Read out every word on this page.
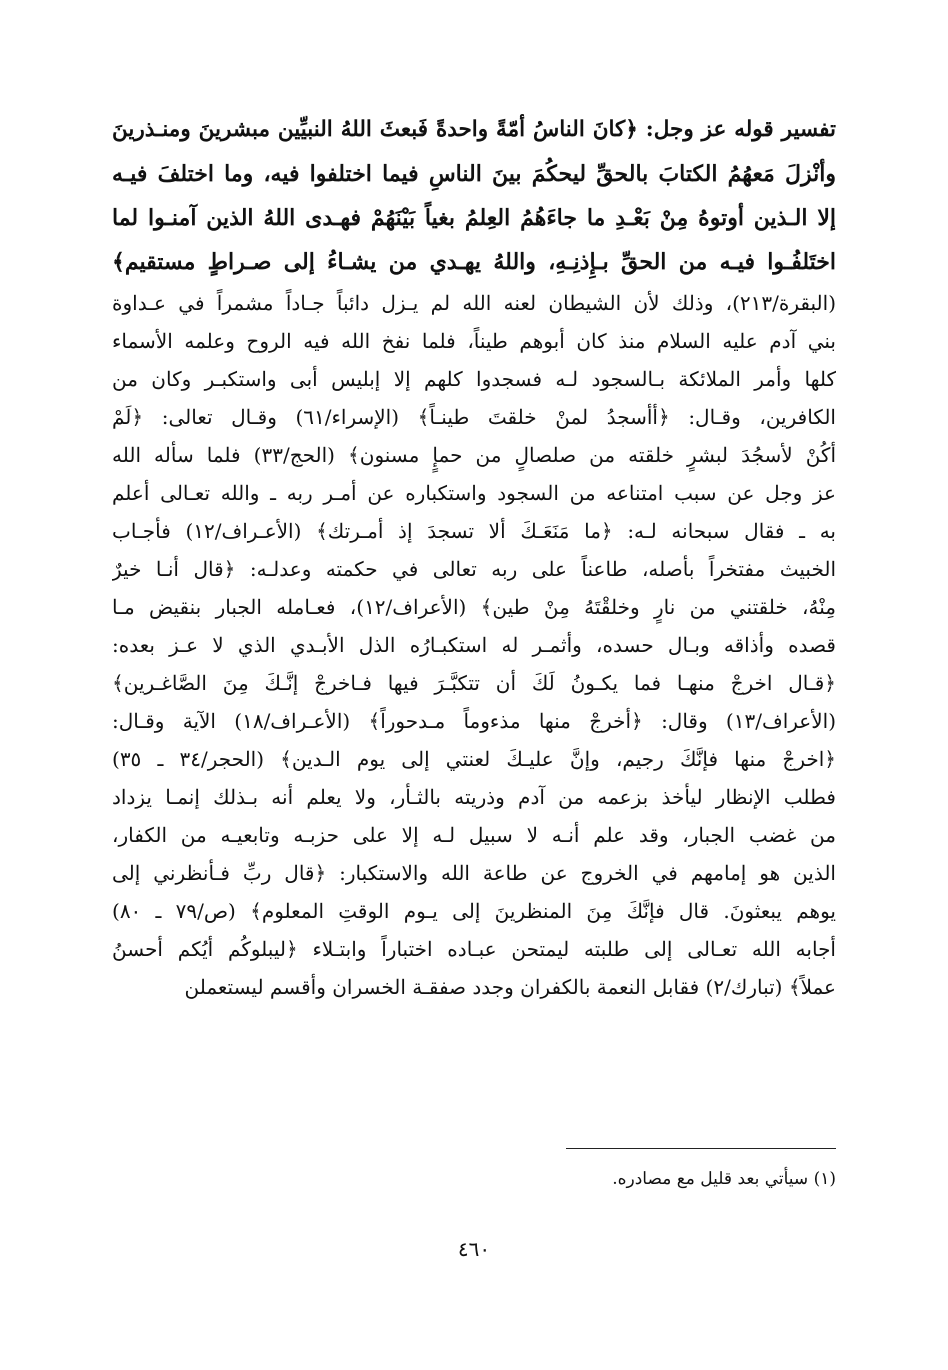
تفسير قوله عز وجل: ﴿كانَ الناسُ أمّةً واحدةً فَبعثَ اللهُ النبيِّين مبشرينَ ومنـذرينَ
وأنْزلَ مَعهُمُ الكتابَ بالحقِّ ليحكُمَ بينَ الناسِ فيما اختلفوا فيه، وما اختلفَ فيـه
إلا الـذين أوتوهُ مِنْ بَعْـدِ ما جاءَهُمُ العِلمُ بغياً بَيْنَهُمْ فهـدى اللهُ الذين آمنـوا لما
اختَلفُـوا فيـه من الحقِّ بـإِذنِـهِ، واللهُ يهـدي من يشـاءُ إلى صـراطٍ مستقيم﴾
(البقرة/٢١٣)، وذلك لأن الشيطان لعنه الله لم يـزل دائباً جـاداً مشمراً في عـداوة
بني آدم عليه السلام منذ كان أبوهم طيناً، فلما نفخ الله فيه الروح وعلمه الأسماء
كلها وأمر الملائكة بـالسجود لـه فسجدوا كلهم إلا إبليس أبى واستكبـر وكان من
الكافرين، وقـال: ﴿أأسجدُ لمنْ خلقتَ طينـاً﴾ (الإسراء/٦١) وقـال تعالى: ﴿لَمْ
أكُنْ لأسجُدَ لبشرٍ خلقته من صلصالٍ من حمإٍ مسنون﴾ (الحج/٣٣) فلما سأله الله
عز وجل عن سبب امتناعه من السجود واستكباره عن أمـر ربه ـ والله تعـالى أعلم
به ـ فقال سبحانه لـه: ﴿ما مَنَعَـكَ ألا تسجدَ إذ أمـرتك﴾ (الأعـراف/١٢) فأجـاب
الخبيث مفتخراً بأصله، طاعناً على ربه تعالى في حكمته وعدلـه: ﴿قال أنـا خيرٌ
مِنْهُ، خلقتني من نارٍ وخلقْتَهُ مِنْ طين﴾ (الأعراف/١٢)، فعـامله الجبار بنقيض مـا
قصده وأذاقه وبـال حسده، وأثمـر له استكبـارُه الذل الأبـدي الذي لا عـز بعده:
﴿قـال اخرجْ منهـا فما يكـونُ لَكَ أن تتكبَّـرَ فيها فـاخرجْ إنَّـكَ مِنَ الصَّاغـرين﴾
(الأعراف/١٣) وقال: ﴿أخرجْ منها مذءوماً مـدحوراً﴾ (الأعـراف/١٨) الآية وقـال:
﴿اخرجْ منها فإنَّكَ رجيم، وإنَّ عليـكَ لعنتي إلى يوم الـدين﴾ (الحجر/٣٤ ـ ٣٥)
فطلب الإنظار ليأخذ بزعمه من آدم وذريته بالثـأر، ولا يعلم أنه بـذلك إنمـا يزداد
من غضب الجبار، وقد علم أنـه لا سبيل لـه إلا على حزبـه وتابعيـه من الكفار،
الذين هو إمامهم في الخروج عن طاعة الله والاستكبار: ﴿قال ربِّ فـأنظرني إلى
يوهم يبعثونَ. قال فإنَّكَ مِنَ المنظرينَ إلى يـوم الوقتِ المعلوم﴾ (ص/٧٩ ـ ٨٠)
أجابه الله تعـالى إلى طلبته ليمتحن عبـاده اختباراً وابتـلاء ﴿ليبلوكُم أيُكم أحسنُ
عملاً﴾ (تبارك/٢) فقابل النعمة بالكفران وجدد صفقـة الخسران وأقسم ليستعملن
(١) سيأتي بعد قليل مع مصادره.
٤٦٠
